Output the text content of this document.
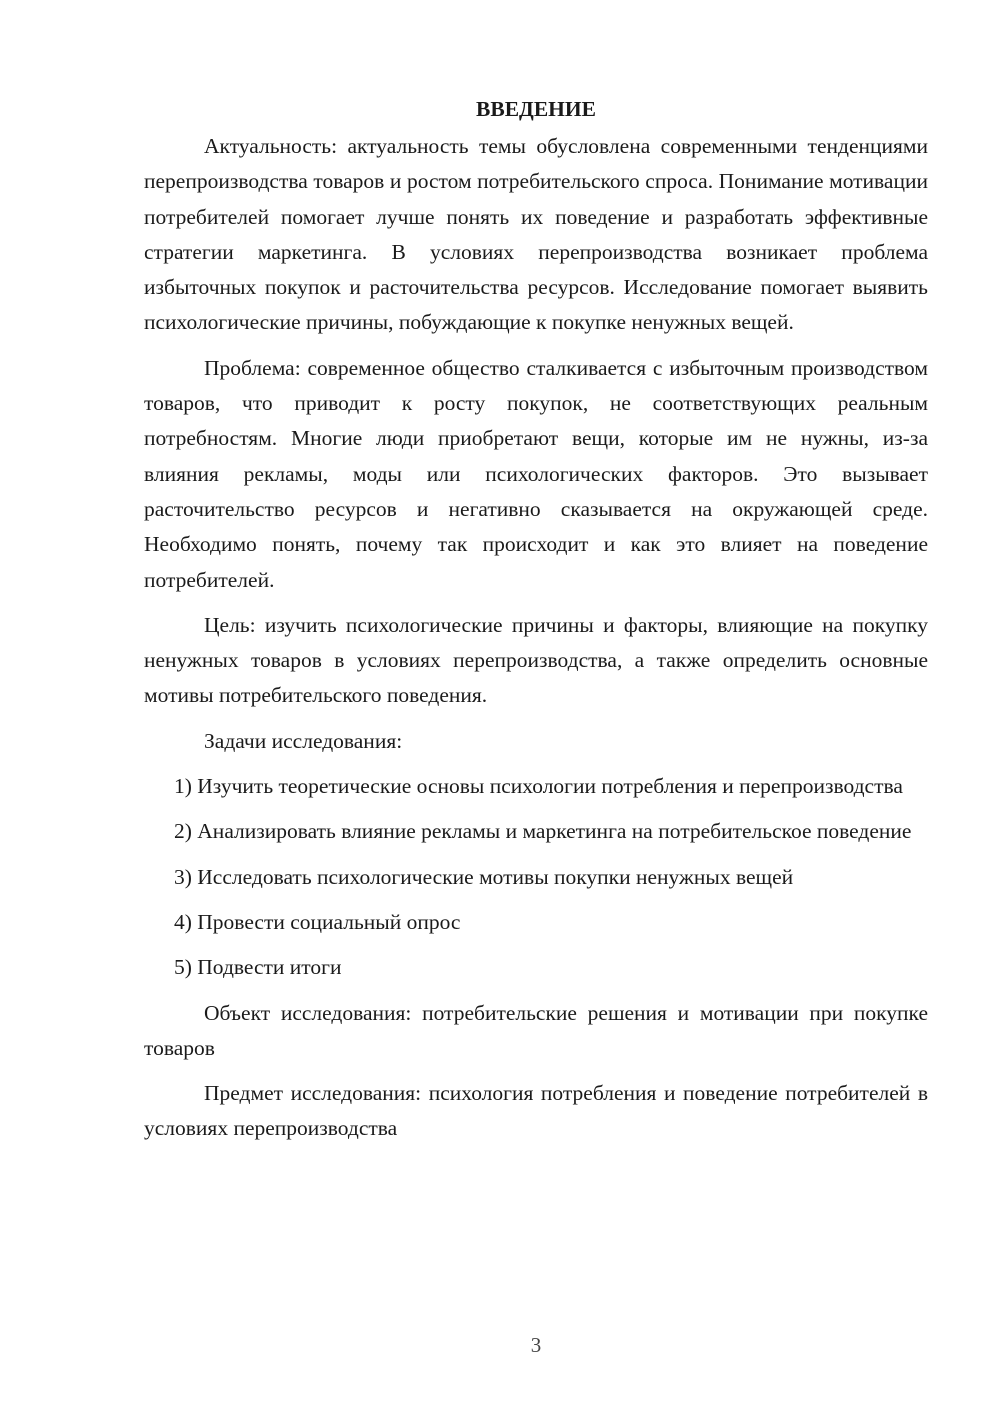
ВВЕДЕНИЕ
Актуальность: актуальность темы обусловлена современными тенденциями перепроизводства товаров и ростом потребительского спроса. Понимание мотивации потребителей помогает лучше понять их поведение и разработать эффективные стратегии маркетинга. В условиях перепроизводства возникает проблема избыточных покупок и расточительства ресурсов. Исследование помогает выявить психологические причины, побуждающие к покупке ненужных вещей.
Проблема: современное общество сталкивается с избыточным производством товаров, что приводит к росту покупок, не соответствующих реальным потребностям. Многие люди приобретают вещи, которые им не нужны, из-за влияния рекламы, моды или психологических факторов. Это вызывает расточительство ресурсов и негативно сказывается на окружающей среде. Необходимо понять, почему так происходит и как это влияет на поведение потребителей.
Цель: изучить психологические причины и факторы, влияющие на покупку ненужных товаров в условиях перепроизводства, а также определить основные мотивы потребительского поведения.
Задачи исследования:
1) Изучить теоретические основы психологии потребления и перепроизводства
2) Анализировать влияние рекламы и маркетинга на потребительское поведение
3) Исследовать психологические мотивы покупки ненужных вещей
4) Провести социальный опрос
5) Подвести итоги
Объект исследования: потребительские решения и мотивации при покупке товаров
Предмет исследования: психология потребления и поведение потребителей в условиях перепроизводства
3
